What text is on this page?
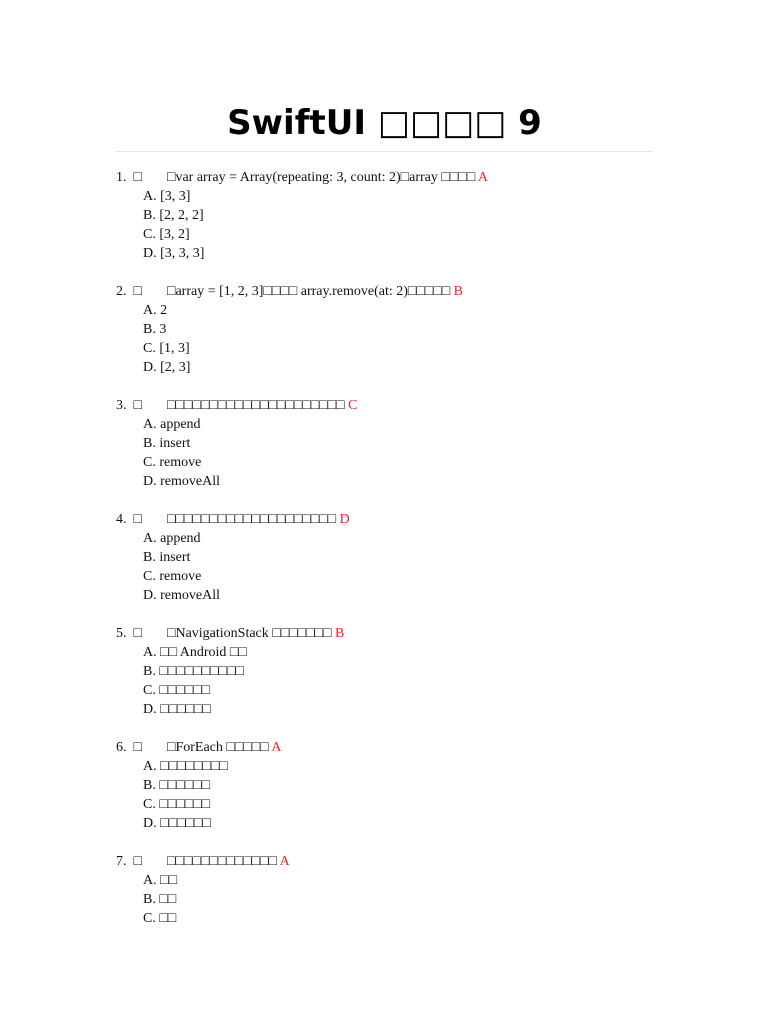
SwiftUI □□□□ 9
1. □ □var array = Array(repeating: 3, count: 2)□array □□□□ A
A. [3, 3]
B. [2, 2, 2]
C. [3, 2]
D. [3, 3, 3]
2. □ □array = [1, 2, 3]□□□□ array.remove(at: 2)□□□□□ B
A. 2
B. 3
C. [1, 3]
D. [2, 3]
3. □ □□□□□□□□□□□□□□□□□□□□□ C
A. append
B. insert
C. remove
D. removeAll
4. □ □□□□□□□□□□□□□□□□□□□□ D
A. append
B. insert
C. remove
D. removeAll
5. □ □NavigationStack □□□□□□□ B
A. □□ Android □□
B. □□□□□□□□□□
C. □□□□□□
D. □□□□□□
6. □ □ForEach □□□□□ A
A. □□□□□□□□
B. □□□□□□
C. □□□□□□
D. □□□□□□
7. □ □□□□□□□□□□□□□ A
A. □□
B. □□
C. □□
